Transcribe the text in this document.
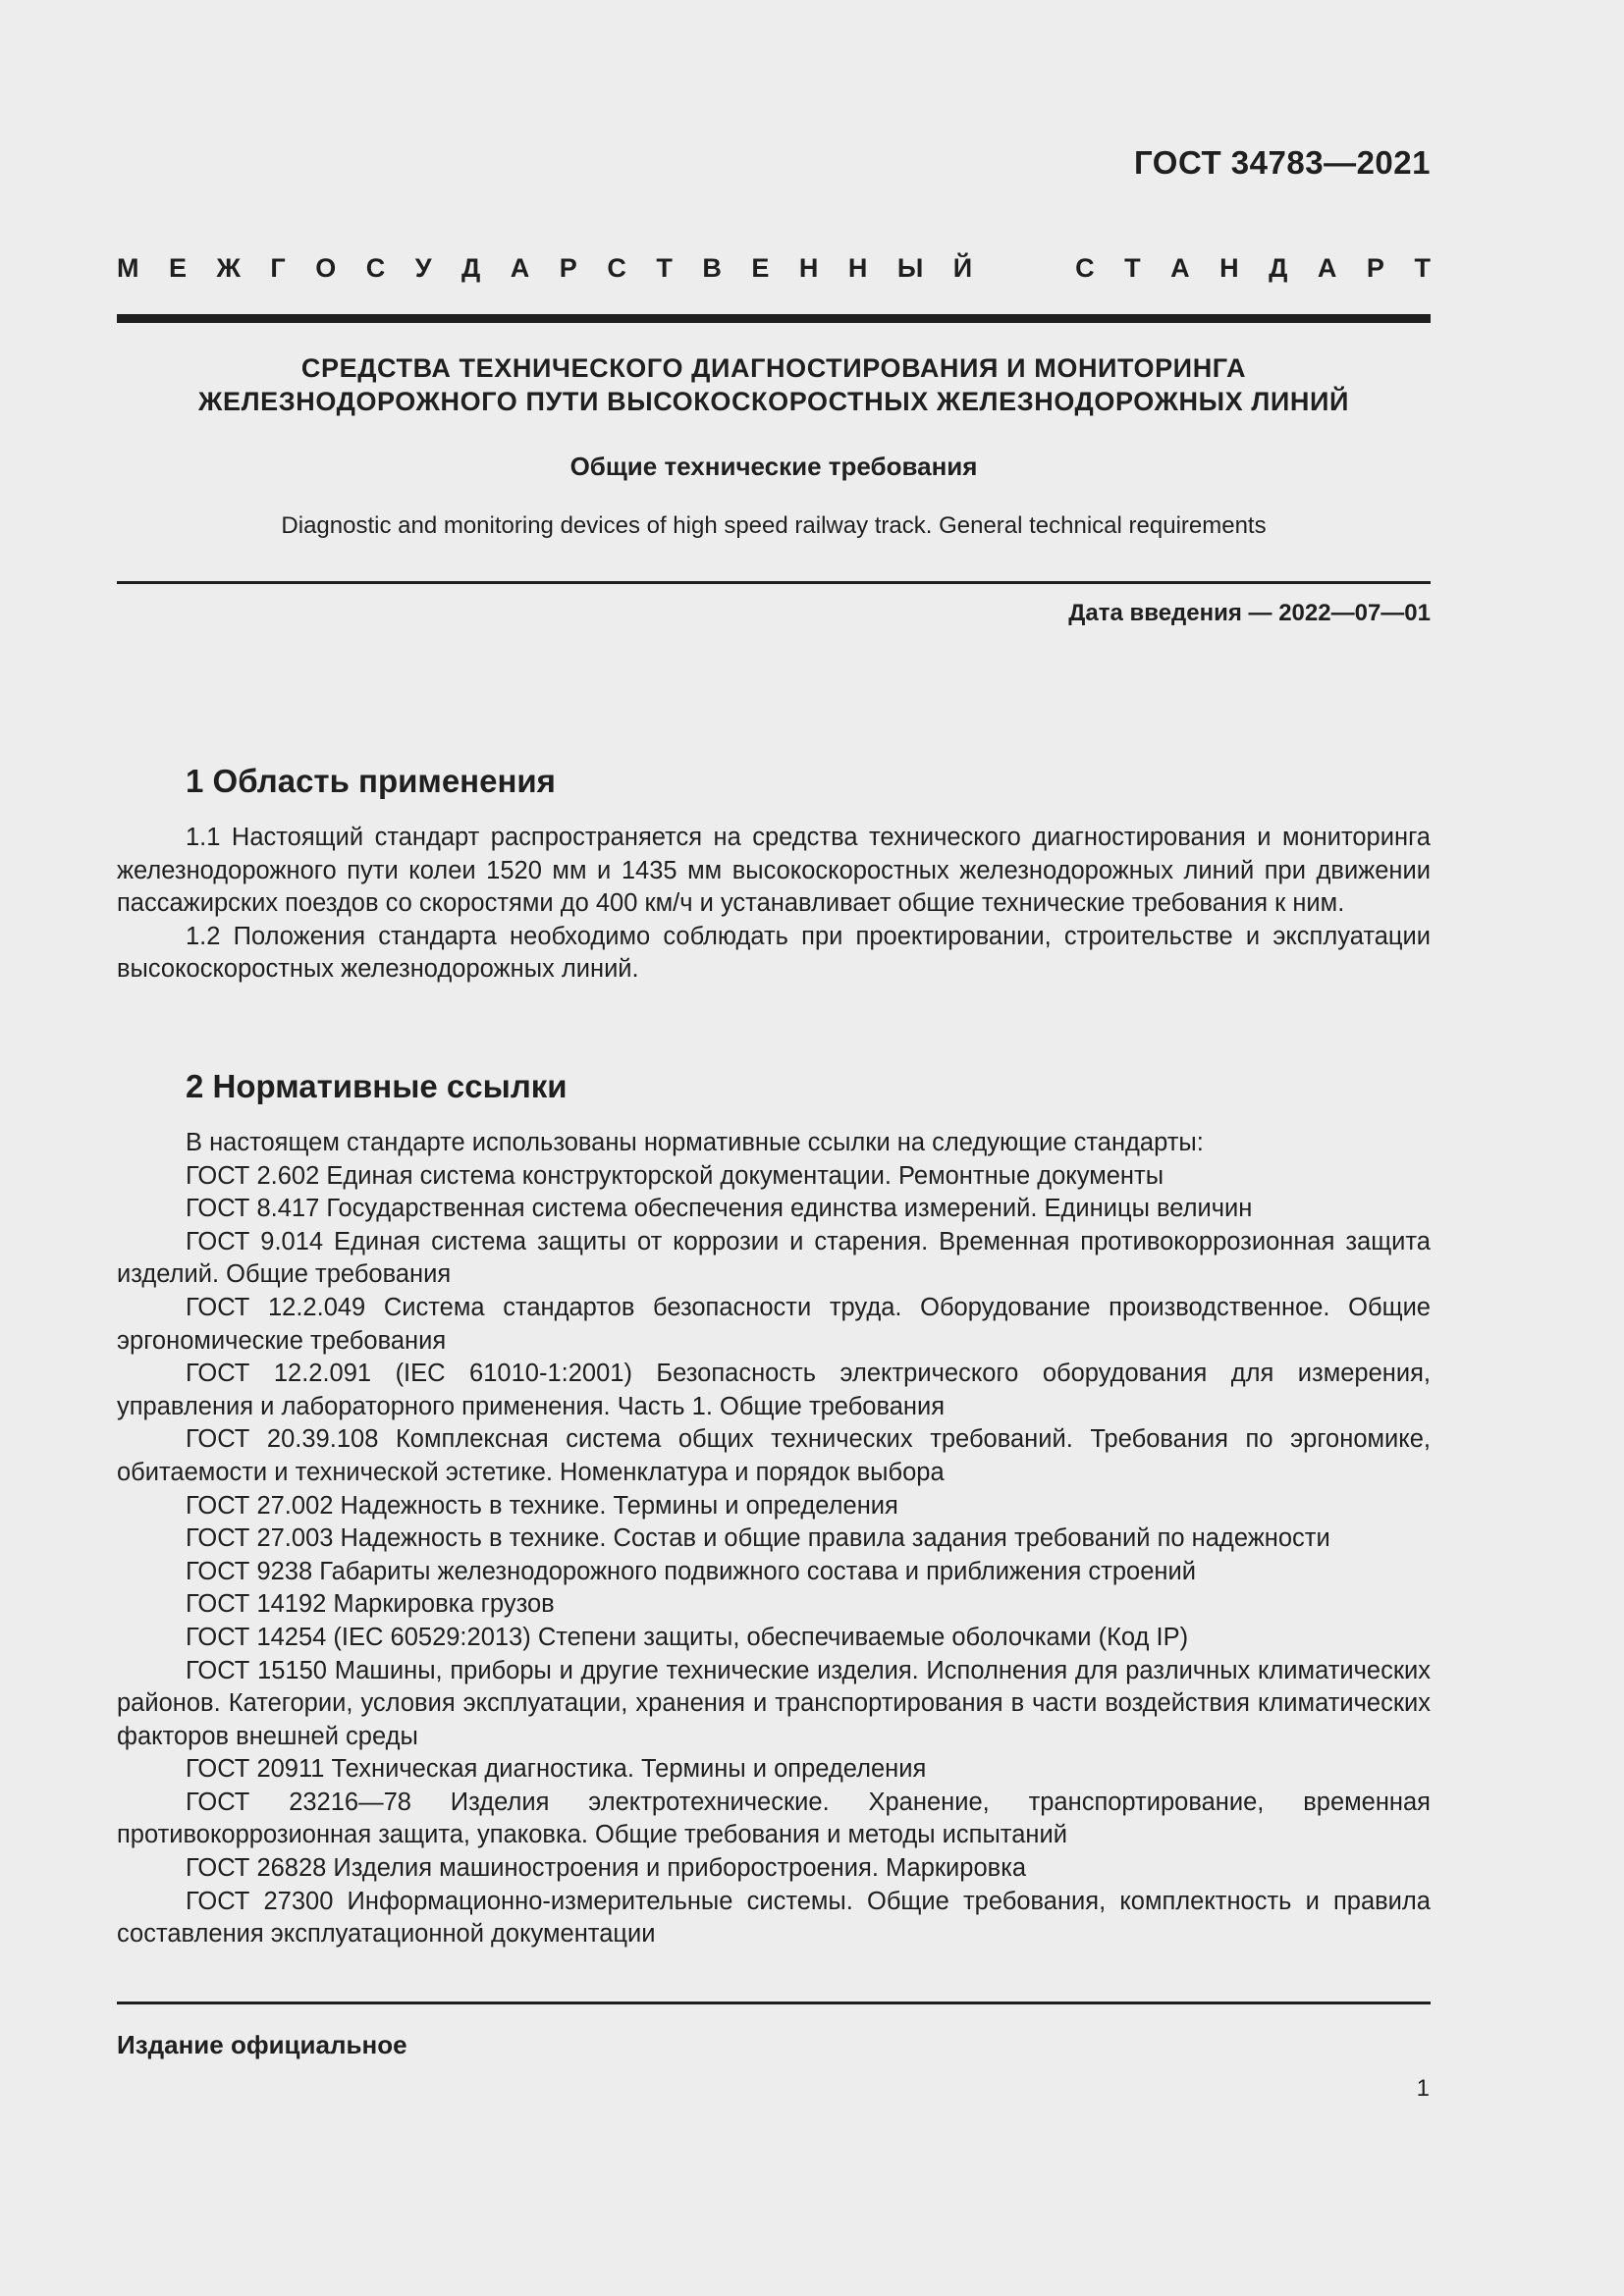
ГОСТ 34783—2021
М Е Ж Г О С У Д А Р С Т В Е Н Н Ы Й	С Т А Н Д А Р Т
СРЕДСТВА ТЕХНИЧЕСКОГО ДИАГНОСТИРОВАНИЯ И МОНИТОРИНГА
ЖЕЛЕЗНОДОРОЖНОГО ПУТИ ВЫСОКОСКОРОСТНЫХ ЖЕЛЕЗНОДОРОЖНЫХ ЛИНИЙ
Общие технические требования
Diagnostic and monitoring devices of high speed railway track. General technical requirements
Дата введения — 2022—07—01
1 Область применения

1.1 Настоящий стандарт распространяется на средства технического диагностирования и мониторинга железнодорожного пути колеи 1520 мм и 1435 мм высокоскоростных железнодорожных линий при движении пассажирских поездов со скоростями до 400 км/ч и устанавливает общие технические требования к ним.

1.2 Положения стандарта необходимо соблюдать при проектировании, строительстве и эксплуатации высокоскоростных железнодорожных линий.

2 Нормативные ссылки

В настоящем стандарте использованы нормативные ссылки на следующие стандарты:

ГОСТ 2.602 Единая система конструкторской документации. Ремонтные документы

ГОСТ 8.417 Государственная система обеспечения единства измерений. Единицы величин

ГОСТ 9.014 Единая система защиты от коррозии и старения. Временная противокоррозионная защита изделий. Общие требования

ГОСТ 12.2.049 Система стандартов безопасности труда. Оборудование производственное. Общие эргономические требования

ГОСТ 12.2.091 (IEC 61010-1:2001) Безопасность электрического оборудования для измерения, управления и лабораторного применения. Часть 1. Общие требования

ГОСТ 20.39.108 Комплексная система общих технических требований. Требования по эргономике, обитаемости и технической эстетике. Номенклатура и порядок выбора

ГОСТ 27.002 Надежность в технике. Термины и определения

ГОСТ 27.003 Надежность в технике. Состав и общие правила задания требований по надежности

ГОСТ 9238 Габариты железнодорожного подвижного состава и приближения строений

ГОСТ 14192 Маркировка грузов

ГОСТ 14254 (IEC 60529:2013) Степени защиты, обеспечиваемые оболочками (Код IP)

ГОСТ 15150 Машины, приборы и другие технические изделия. Исполнения для различных климатических районов. Категории, условия эксплуатации, хранения и транспортирования в части воздействия климатических факторов внешней среды

ГОСТ 20911 Техническая диагностика. Термины и определения

ГОСТ 23216—78 Изделия электротехнические. Хранение, транспортирование, временная противокоррозионная защита, упаковка. Общие требования и методы испытаний

ГОСТ 26828 Изделия машиностроения и приборостроения. Маркировка

ГОСТ 27300 Информационно-измерительные системы. Общие требования, комплектность и правила составления эксплуатационной документации

Издание официальное
1
